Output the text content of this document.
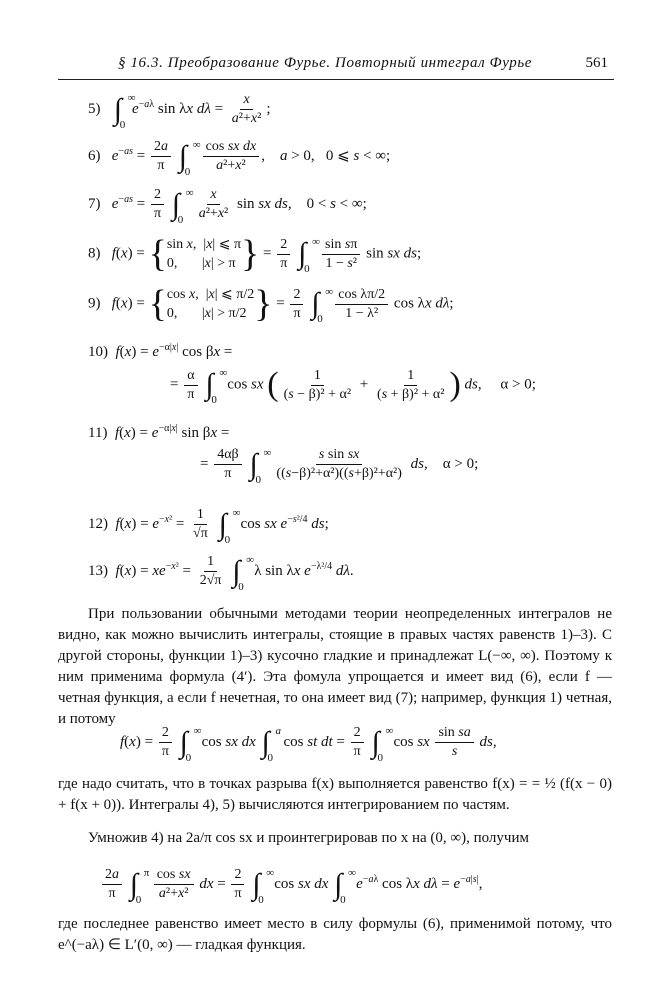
§ 16.3. Преобразование Фурье. Повторный интеграл Фурье	561
5) ∫ ∞
0
$e^{-a\lambda}$ sin λx $d\lambda = \frac{x}{\text{a²+x²}}$ ;
6) $e^{-as} = \frac{2a}{\pi}$ ∫ ∞
0
$\frac{\text{cos sx dx}}{\text{a²+x²}}$ ,    a > 0,   0 ⩽ s < ∞;
7) $e^{-as} = \frac{2}{\pi}$ ∫ ∞
0
$\frac{x}{\text{a²+x²}}$ sin sx ds,    0 < s < ∞;
8) f(x) = { sin x,  |x| ⩽ π
0,       |x| > π } = $\frac{2}{\pi}$ ∫ ∞
0
$\frac{\text{sin sπ}}{\text{1 − s²}}$ sin sx ds;
9) f(x) = { cos x,  |x| ⩽ π/2
0,       |x| > π/2 } = $\frac{2}{\pi}$ ∫ ∞
0
$\frac{\text{cos λπ/2}}{\text{1 − λ²}}$ cos λx dλ;
10) $f(x) = e^{-\alpha|x|}$ cos βx =
= $\frac{\alpha}{\pi}$ ∫ ∞
0
cos sx ( $\frac{1}{\text{(s − β)² + α²}} + \frac{1}{\text{(s + β)² + α²}}$ ) ds,     α > 0;
11) $f(x) = e^{-\alpha|x|}$ sin βx =
= $\frac{4\alpha\beta}{\pi}$ ∫ ∞
0
$\frac{\text{s sin sx}}{\text{((s−β)²+α²)((s+β)²+α²)}}$ ds,    α > 0;
12) $f(x) = e^{-x^2} = \frac{1}{√\pi}$ ∫ ∞
0
cos sx $e^{-s^2/4}$ ds;
13) $f(x) = xe^{-x^2} = \frac{1}{2√\pi}$ ∫ ∞
0
λ sin λx $e^{-\lambda^2/4}$ dλ.
При пользовании обычными методами теории неопределенных интегралов не видно, как можно вычислить интегралы, стоящие в правых частях равенств 1)–3). С другой стороны, функции 1)–3) кусочно гладкие и принадлежат L(−∞, ∞). Поэтому к ним применима формула (4′). Эта фомула упрощается и имеет вид (6), если f — четная функция, а если f нечетная, то она имеет вид (7); например, функция 1) четная, и потому
$f(x) = \frac{2}{\pi}$ ∫ ∞
0
cos sx dx ∫ a
0
cos st dt = $\frac{2}{\pi}$ ∫ ∞
0
cos sx $\frac{\text{sin sa}}{s}$ ds,
где надо считать, что в точках разрыва f(x) выполняется равенство f(x) = = ½ (f(x − 0) + f(x + 0)). Интегралы 4), 5) вычисляются интегрированием по частям.
Умножив 4) на 2a/π cos sx и проинтегрировав по x на (0, ∞), получим
$\frac{2a}{\pi}$ ∫ π
0
$\frac{\text{cos sx}}{\text{a²+x²}}$ dx = $\frac{2}{\pi}$ ∫ ∞
0
cos sx dx ∫ ∞
0
$e^{-a\lambda}$ cos λx $d\lambda = e^{-a|s|}$,
где последнее равенство имеет место в силу формулы (6), применимой потому, что e^(−aλ) ∈ L′(0, ∞) — гладкая функция.
